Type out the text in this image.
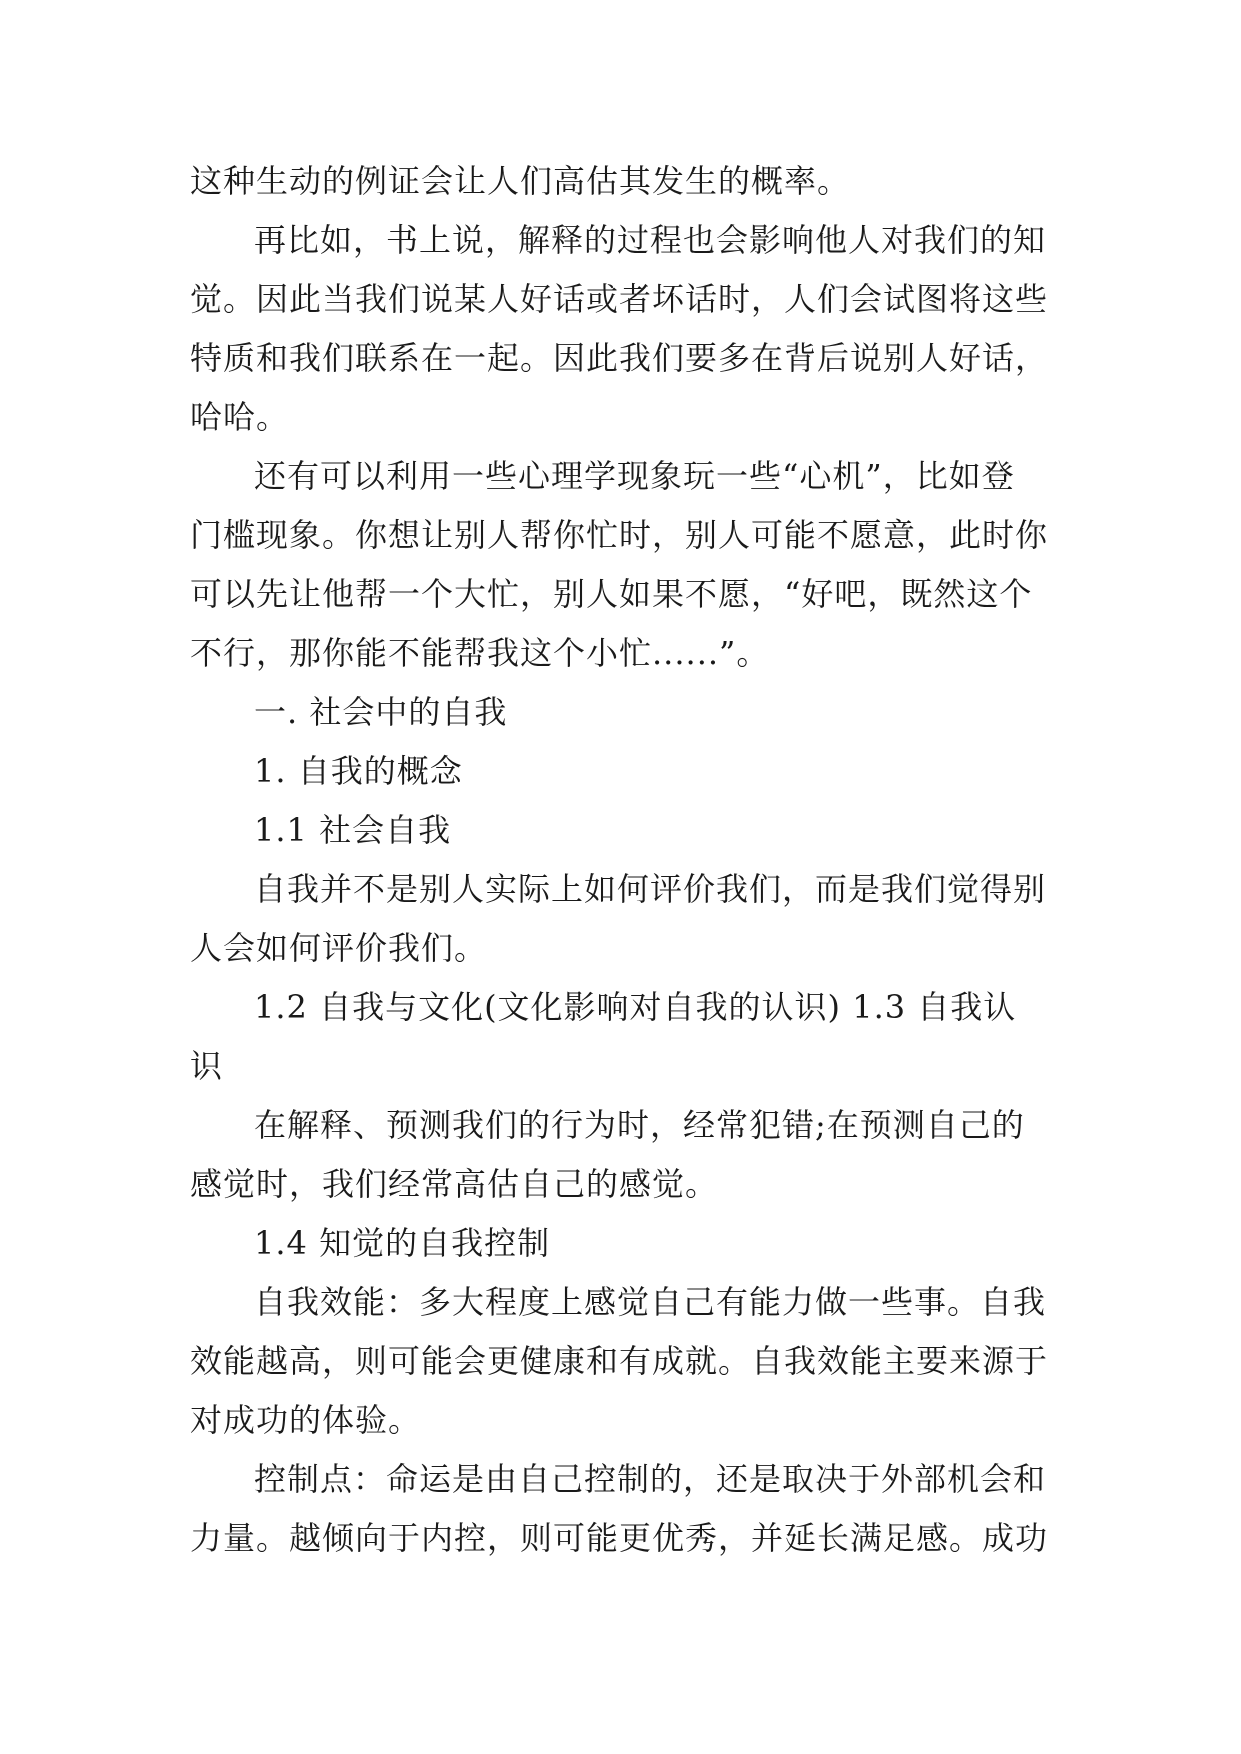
这种生动的例证会让人们高估其发生的概率。
再比如，书上说，解释的过程也会影响他人对我们的知
觉。因此当我们说某人好话或者坏话时，人们会试图将这些
特质和我们联系在一起。因此我们要多在背后说别人好话，
哈哈。
还有可以利用一些心理学现象玩一些“心机”，比如登
门槛现象。你想让别人帮你忙时，别人可能不愿意，此时你
可以先让他帮一个大忙，别人如果不愿，“好吧，既然这个
不行，那你能不能帮我这个小忙......”。
一. 社会中的自我
1. 自我的概念
1.1 社会自我
自我并不是别人实际上如何评价我们，而是我们觉得别
人会如何评价我们。
1.2 自我与文化(文化影响对自我的认识) 1.3 自我认
识
在解释、预测我们的行为时，经常犯错;在预测自己的
感觉时，我们经常高估自己的感觉。
1.4 知觉的自我控制
自我效能：多大程度上感觉自己有能力做一些事。自我
效能越高，则可能会更健康和有成就。自我效能主要来源于
对成功的体验。
控制点：命运是由自己控制的，还是取决于外部机会和
力量。越倾向于内控，则可能更优秀，并延长满足感。成功
